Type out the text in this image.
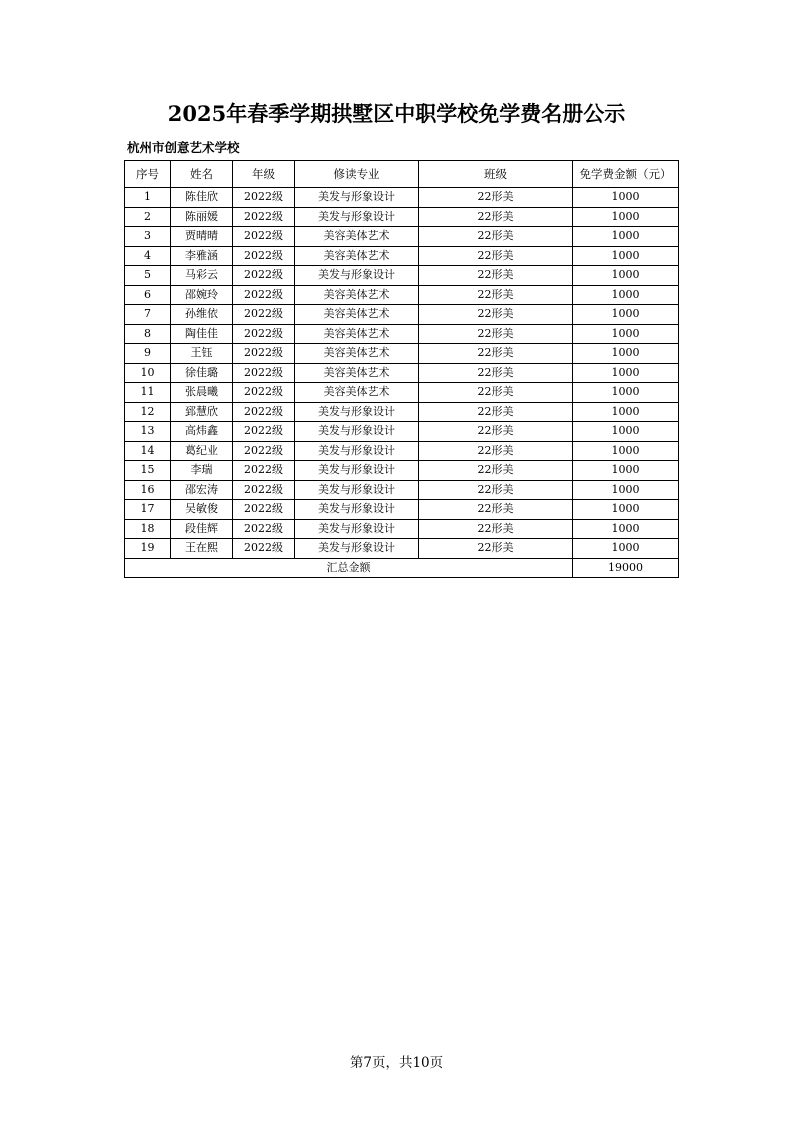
2025年春季学期拱墅区中职学校免学费名册公示
杭州市创意艺术学校
序号	姓名	年级	修读专业	班级	免学费金额（元）
1	陈佳欣	2022级	美发与形象设计	22形美	1000
2	陈丽媛	2022级	美发与形象设计	22形美	1000
3	贾晴晴	2022级	美容美体艺术	22形美	1000
4	李雅涵	2022级	美容美体艺术	22形美	1000
5	马彩云	2022级	美发与形象设计	22形美	1000
6	邵婉玲	2022级	美容美体艺术	22形美	1000
7	孙维依	2022级	美容美体艺术	22形美	1000
8	陶佳佳	2022级	美容美体艺术	22形美	1000
9	王钰	2022级	美容美体艺术	22形美	1000
10	徐佳璐	2022级	美容美体艺术	22形美	1000
11	张晨曦	2022级	美容美体艺术	22形美	1000
12	郅慧欣	2022级	美发与形象设计	22形美	1000
13	高炜鑫	2022级	美发与形象设计	22形美	1000
14	葛纪业	2022级	美发与形象设计	22形美	1000
15	李瑞	2022级	美发与形象设计	22形美	1000
16	邵宏涛	2022级	美发与形象设计	22形美	1000
17	吴敏俊	2022级	美发与形象设计	22形美	1000
18	段佳辉	2022级	美发与形象设计	22形美	1000
19	王在熙	2022级	美发与形象设计	22形美	1000
汇总金额					19000
第7页，共10页
